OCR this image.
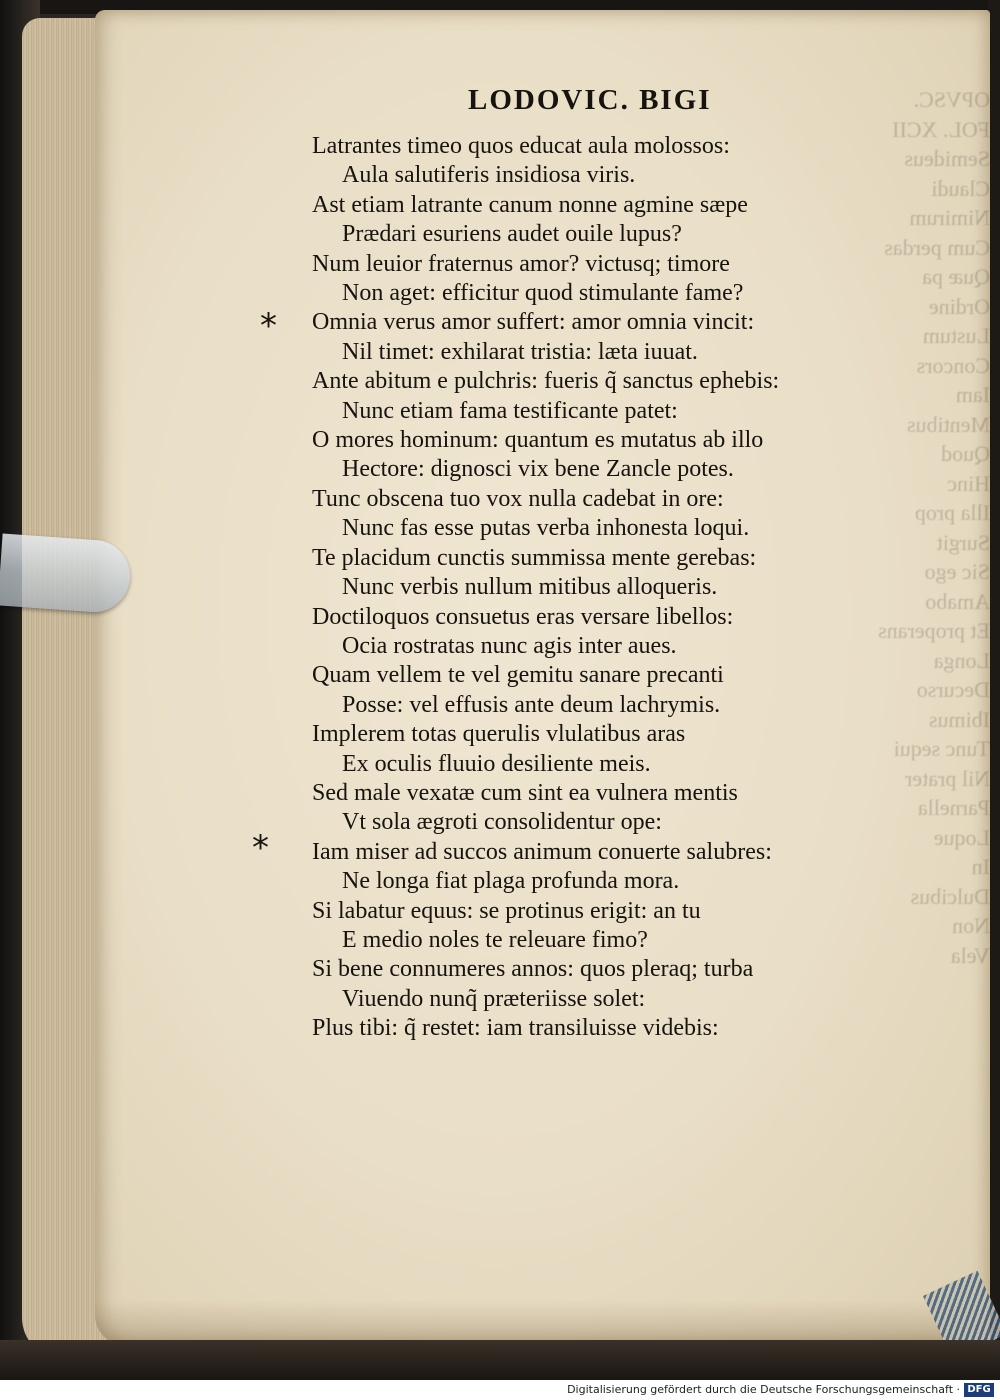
OPVSC.
FOL. XCII
Semideus
Claudi
Nimirum
Cum perdas
Quæ pa
Ordine
Lustum
Concors
Iam
Mentibus
Quod
Hinc
Illa prop
Surgit
Sic ego
Amabo
Et properans
Longa
Decurso
Ibimus
Tunc sequi
Nil prater
Parnella
Loque
In
Dulcibus
Non
Vela
LODOVIC. BIGI
Latrantes timeo quos educat aula molossos:
Aula salutiferis insidiosa viris.
Ast etiam latrante canum nonne agmine sæpe
Prædari esuriens audet ouile lupus?
Num leuior fraternus amor? victusq; timore
Non aget: efficitur quod stimulante fame?
Omnia verus amor suffert: amor omnia vincit:
Nil timet: exhilarat tristia: læta iuuat.
Ante abitum e pulchris: fueris q̃ sanctus ephebis:
Nunc etiam fama testificante patet:
O mores hominum: quantum es mutatus ab illo
Hectore: dignosci vix bene Zancle potes.
Tunc obscena tuo vox nulla cadebat in ore:
Nunc fas esse putas verba inhonesta loqui.
Te placidum cunctis summissa mente gerebas:
Nunc verbis nullum mitibus alloqueris.
Doctiloquos consuetus eras versare libellos:
Ocia rostratas nunc agis inter aues.
Quam vellem te vel gemitu sanare precanti
Posse: vel effusis ante deum lachrymis.
Implerem totas querulis vlulatibus aras
Ex oculis fluuio desiliente meis.
Sed male vexatæ cum sint ea vulnera mentis
Vt sola ægroti consolidentur ope:
Iam miser ad succos animum conuerte salubres:
Ne longa fiat plaga profunda mora.
Si labatur equus: se protinus erigit: an tu
E medio noles te releuare fimo?
Si bene connumeres annos: quos pleraq; turba
Viuendo nunq̃ præteriisse solet:
Plus tibi: q̃ restet: iam transiluisse videbis:
*
*
Digitalisierung gefördert durch die Deutsche Forschungsgemeinschaft · DFG
